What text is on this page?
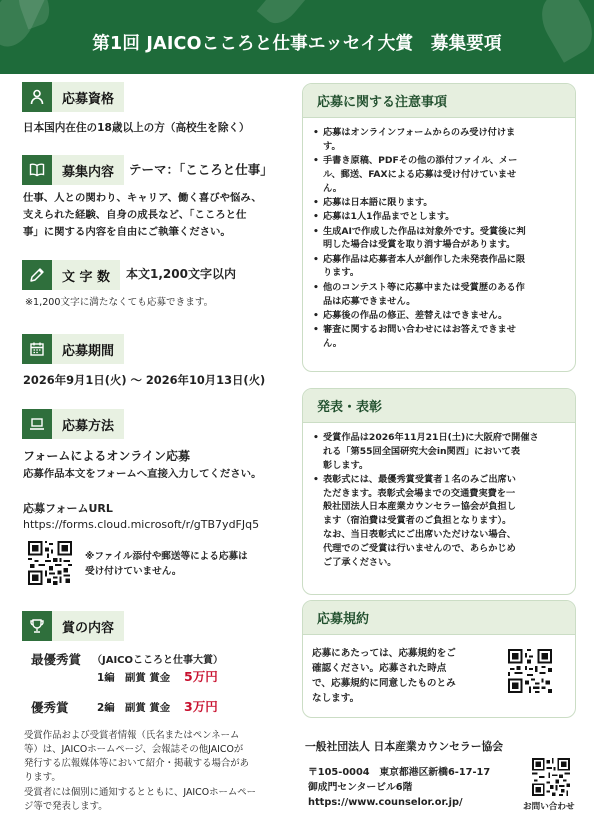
第1回 JAICOこころと仕事エッセイ大賞　募集要項
応募資格
日本国内在住の18歳以上の方（高校生を除く）
募集内容	テーマ：「こころと仕事」
仕事、人との関わり、キャリア、働く喜びや悩み、
支えられた経験、自身の成長など、「こころと仕
事」に関する内容を自由にご執筆ください。
文 字 数	本文1,200文字以内
※1,200文字に満たなくても応募できます。
応募期間
2026年9月1日(火) 〜 2026年10月13日(火)
応募方法
フォームによるオンライン応募
応募作品本文をフォームへ直接入力してください。
応募フォームURL
https://forms.cloud.microsoft/r/gTB7ydFJq5
※ファイル添付や郵送等による応募は
受け付けていません。
賞の内容
最優秀賞 （JAICOこころと仕事大賞）
1編 副賞 賞金 5万円
優秀賞	2編 副賞 賞金 3万円
受賞作品および受賞者情報（氏名またはペンネーム
等）は、JAICOホームページ、会報誌その他JAICOが
発行する広報媒体等において紹介・掲載する場合があ
ります。
受賞者には個別に通知するとともに、JAICOホームペー
ジ等で発表します。
応募に関する注意事項
• 応募はオンラインフォームからのみ受け付けま
す。
• 手書き原稿、PDFその他の添付ファイル、メー
ル、郵送、FAXによる応募は受け付けていませ
ん。
• 応募は日本語に限ります。
• 応募は1人1作品までとします。
• 生成AIで作成した作品は対象外です。受賞後に判
明した場合は受賞を取り消す場合があります。
• 応募作品は応募者本人が創作した未発表作品に限
ります。
• 他のコンテスト等に応募中または受賞歴のある作
品は応募できません。
• 応募後の作品の修正、差替えはできません。
• 審査に関するお問い合わせにはお答えできませ
ん。
発表・表彰
• 受賞作品は2026年11月21日(土)に大阪府で開催さ
れる「第55回全国研究大会in関西」において表
彰します。
• 表彰式には、最優秀賞受賞者１名のみご出席い
ただきます。表彰式会場までの交通費実費を一
般社団法人日本産業カウンセラー協会が負担し
ます（宿泊費は受賞者のご負担となります）。
なお、当日表彰式にご出席いただけない場合、
代理でのご受賞は行いませんので、あらかじめ
ご了承ください。
応募規約
応募にあたっては、応募規約をご
確認ください。応募された時点
で、応募規約に同意したものとみ
なします。
一般社団法人 日本産業カウンセラー協会
〒105-0004　東京都港区新橋6-17-17
御成門センタービル6階
https://www.counselor.or.jp/	お問い合わせ
